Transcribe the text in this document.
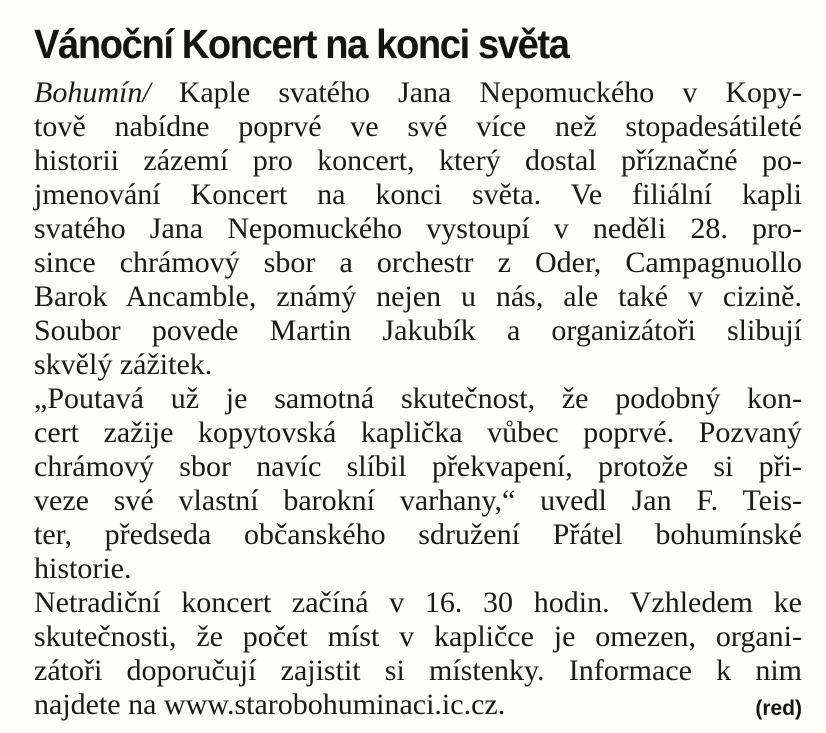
Vánoční Koncert na konci světa
Bohumín/ Kaple svatého Jana Nepomuckého v Kopy-
tově nabídne poprvé ve své více než stopadesátileté
historii zázemí pro koncert, který dostal příznačné po-
jmenování Koncert na konci světa. Ve filiální kapli
svatého Jana Nepomuckého vystoupí v neděli 28. pro-
since chrámový sbor a orchestr z Oder, Campagnuollo
Barok Ancamble, známý nejen u nás, ale také v cizině.
Soubor povede Martin Jakubík a organizátoři slibují
skvělý zážitek.
„Poutavá už je samotná skutečnost, že podobný kon-
cert zažije kopytovská kaplička vůbec poprvé. Pozvaný
chrámový sbor navíc slíbil překvapení, protože si při-
veze své vlastní barokní varhany,“ uvedl Jan F. Teis-
ter, předseda občanského sdružení Přátel bohumínské
historie.
Netradiční koncert začíná v 16. 30 hodin. Vzhledem ke
skutečnosti, že počet míst v kapličce je omezen, organi-
zátoři doporučují zajistit si místenky. Informace k nim
najdete na www.starobohuminaci.ic.cz.	(red)
